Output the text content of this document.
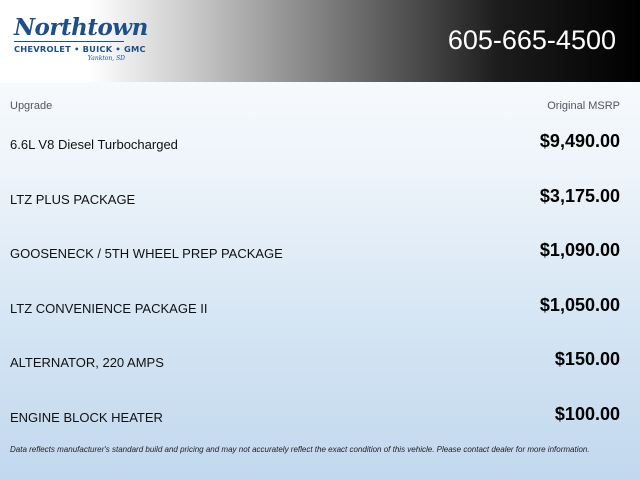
Northtown
CHEVROLET • BUICK • GMC
Yankton, SD
605-665-4500
Upgrade	Original MSRP
6.6L V8 Diesel Turbocharged	$9,490.00
LTZ PLUS PACKAGE	$3,175.00
GOOSENECK / 5TH WHEEL PREP PACKAGE	$1,090.00
LTZ CONVENIENCE PACKAGE II	$1,050.00
ALTERNATOR, 220 AMPS	$150.00
ENGINE BLOCK HEATER	$100.00
Data reflects manufacturer's standard build and pricing and may not accurately reflect the exact condition of this vehicle. Please contact dealer for more information.
